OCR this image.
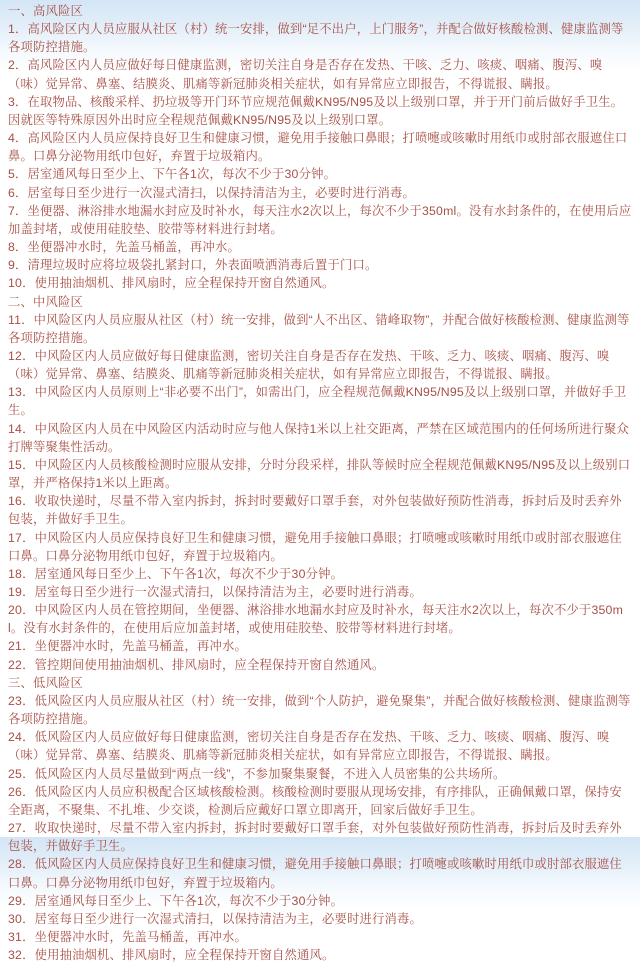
一、高风险区
1．高风险区内人员应服从社区（村）统一安排，做到“足不出户，上门服务”，并配合做好核酸检测、健康监测等各项防控措施。
2．高风险区内人员应做好每日健康监测，密切关注自身是否存在发热、干咳、乏力、咳痰、咽痛、腹泻、嗅（味）觉异常、鼻塞、结膜炎、肌痛等新冠肺炎相关症状，如有异常应立即报告，不得谎报、瞒报。
3．在取物品、核酸采样、扔垃圾等开门环节应规范佩戴KN95/N95及以上级别口罩，并于开门前后做好手卫生。因就医等特殊原因外出时应全程规范佩戴KN95/N95及以上级别口罩。
4．高风险区内人员应保持良好卫生和健康习惯，避免用手接触口鼻眼；打喷嚏或咳嗽时用纸巾或肘部衣服遮住口鼻。口鼻分泌物用纸巾包好，弃置于垃圾箱内。
5．居室通风每日至少上、下午各1次，每次不少于30分钟。
6．居室每日至少进行一次湿式清扫，以保持清洁为主，必要时进行消毒。
7．坐便器、淋浴排水地漏水封应及时补水，每天注水2次以上，每次不少于350ml。没有水封条件的，在使用后应加盖封堵，或使用硅胶垫、胶带等材料进行封堵。
8．坐便器冲水时，先盖马桶盖，再冲水。
9．清理垃圾时应将垃圾袋扎紧封口，外表面喷洒消毒后置于门口。
10．使用抽油烟机、排风扇时，应全程保持开窗自然通风。
二、中风险区
11．中风险区内人员应服从社区（村）统一安排，做到“人不出区、错峰取物”，并配合做好核酸检测、健康监测等各项防控措施。
12．中风险区内人员应做好每日健康监测，密切关注自身是否存在发热、干咳、乏力、咳痰、咽痛、腹泻、嗅（味）觉异常、鼻塞、结膜炎、肌痛等新冠肺炎相关症状，如有异常应立即报告，不得谎报、瞒报。
13．中风险区内人员原则上“非必要不出门”，如需出门，应全程规范佩戴KN95/N95及以上级别口罩，并做好手卫生。
14．中风险区内人员在中风险区内活动时应与他人保持1米以上社交距离，严禁在区域范围内的任何场所进行聚众打牌等聚集性活动。
15．中风险区内人员核酸检测时应服从安排，分时分段采样，排队等候时应全程规范佩戴KN95/N95及以上级别口罩，并严格保持1米以上距离。
16．收取快递时，尽量不带入室内拆封，拆封时要戴好口罩手套，对外包装做好预防性消毒，拆封后及时丢弃外包装，并做好手卫生。
17．中风险区内人员应保持良好卫生和健康习惯，避免用手接触口鼻眼；打喷嚏或咳嗽时用纸巾或肘部衣服遮住口鼻。口鼻分泌物用纸巾包好，弃置于垃圾箱内。
18．居室通风每日至少上、下午各1次，每次不少于30分钟。
19．居室每日至少进行一次湿式清扫，以保持清洁为主，必要时进行消毒。
20．中风险区内人员在管控期间，坐便器、淋浴排水地漏水封应及时补水，每天注水2次以上，每次不少于350ml。没有水封条件的，在使用后应加盖封堵，或使用硅胶垫、胶带等材料进行封堵。
21．坐便器冲水时，先盖马桶盖，再冲水。
22．管控期间使用抽油烟机、排风扇时，应全程保持开窗自然通风。
三、低风险区
23．低风险区内人员应服从社区（村）统一安排，做到“个人防护，避免聚集”，并配合做好核酸检测、健康监测等各项防控措施。
24．低风险区内人员应做好每日健康监测，密切关注自身是否存在发热、干咳、乏力、咳痰、咽痛、腹泻、嗅（味）觉异常、鼻塞、结膜炎、肌痛等新冠肺炎相关症状，如有异常应立即报告，不得谎报、瞒报。
25．低风险区内人员尽量做到“两点一线”，不参加聚集聚餐，不进入人员密集的公共场所。
26．低风险区内人员应积极配合区域核酸检测。核酸检测时要服从现场安排，有序排队，正确佩戴口罩，保持安全距离，不聚集、不扎堆、少交谈，检测后应戴好口罩立即离开，回家后做好手卫生。
27．收取快递时，尽量不带入室内拆封，拆封时要戴好口罩手套，对外包装做好预防性消毒，拆封后及时丢弃外包装，并做好手卫生。
28．低风险区内人员应保持良好卫生和健康习惯，避免用手接触口鼻眼；打喷嚏或咳嗽时用纸巾或肘部衣服遮住口鼻。口鼻分泌物用纸巾包好，弃置于垃圾箱内。
29．居室通风每日至少上、下午各1次，每次不少于30分钟。
30．居室每日至少进行一次湿式清扫，以保持清洁为主，必要时进行消毒。
31．坐便器冲水时，先盖马桶盖，再冲水。
32．使用抽油烟机、排风扇时，应全程保持开窗自然通风。
